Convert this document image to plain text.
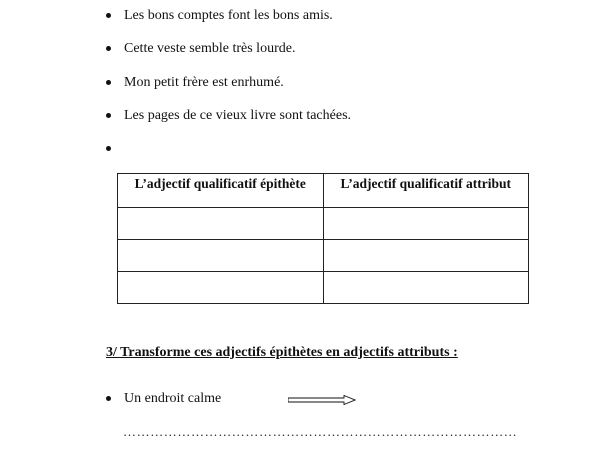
Les bons comptes font les bons amis.
Cette veste semble très lourde.
Mon petit frère est enrhumé.
Les pages de ce vieux livre sont tachées.
L’adjectif qualificatif épithète	L’adjectif qualificatif attribut

3/ Transforme ces adjectifs épithètes en adjectifs attributs :
Un endroit calme
……………………………………………………………………………
